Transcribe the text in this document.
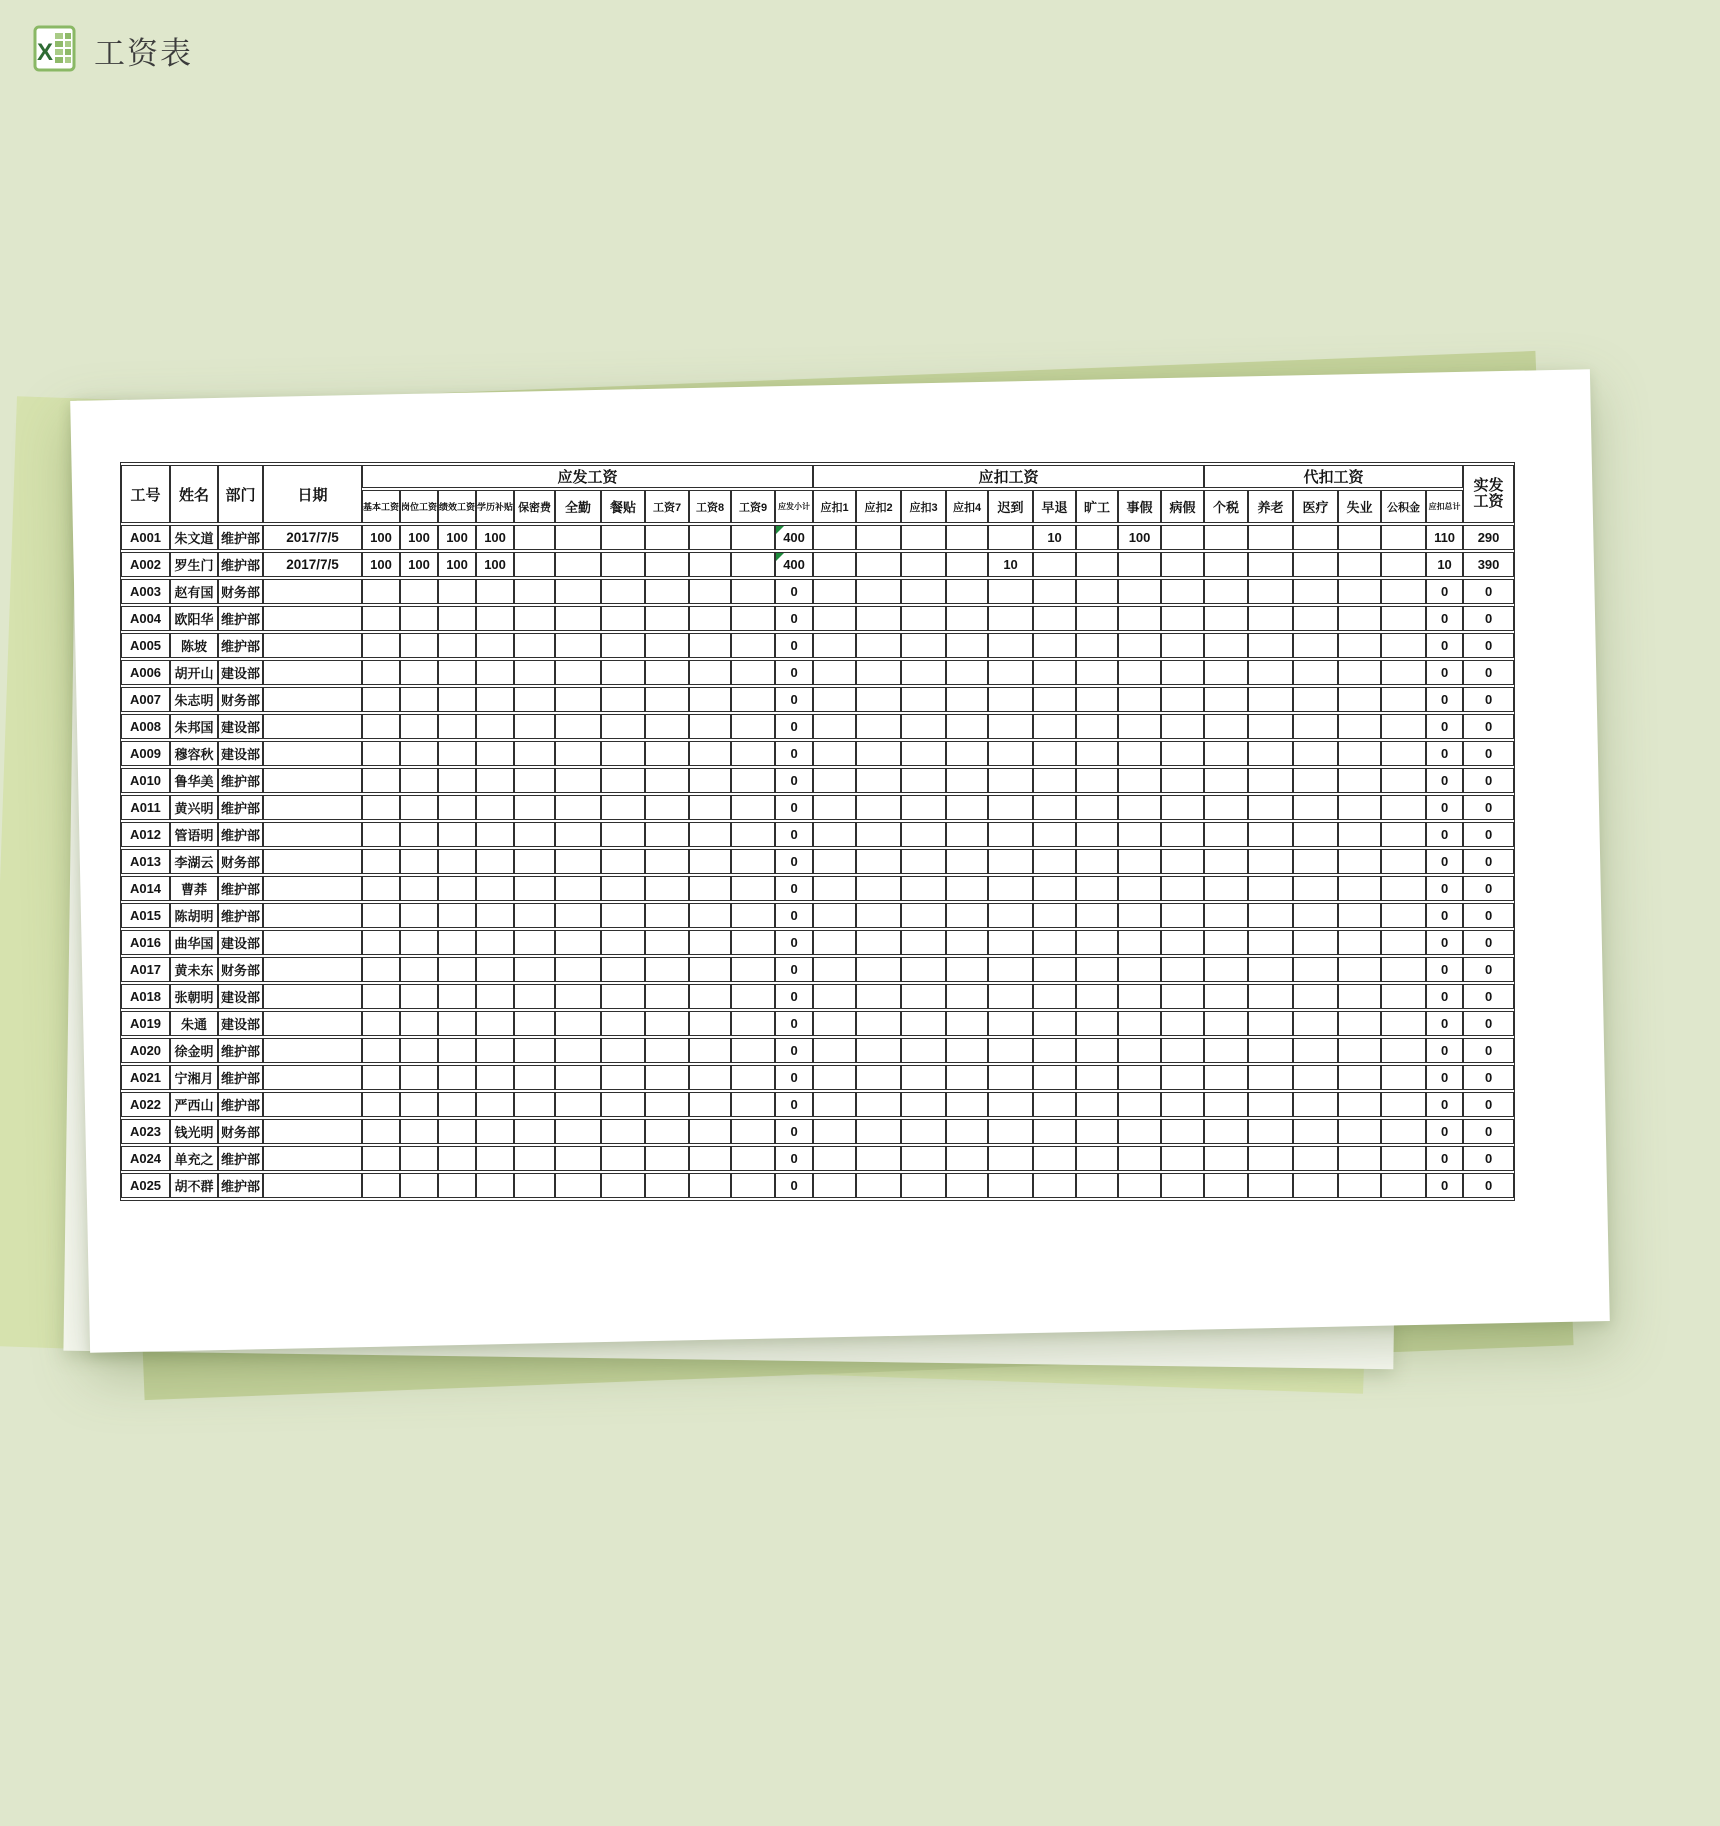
X 工资表
工号	姓名	部门	日期	应发工资											应扣工资									代扣工资						实发
工资

				基本工资	岗位工资	绩效工资	学历补贴	保密费	全勤	餐贴	工资7	工资8	工资9	应发小计	应扣1	应扣2	应扣3	应扣4	迟到	早退	旷工	事假	病假	个税	养老	医疗	失业	公积金	应扣总计	
A001	朱文道	维护部	2017/7/5	100	100	100	100							400						10		100							110	290
A002	罗生门	维护部	2017/7/5	100	100	100	100							400					10										10	390
A003	赵有国	财务部												0															0	0
A004	欧阳华	维护部												0															0	0
A005	陈坡	维护部												0															0	0
A006	胡开山	建设部												0															0	0
A007	朱志明	财务部												0															0	0
A008	朱邦国	建设部												0															0	0
A009	穆容秋	建设部												0															0	0
A010	鲁华美	维护部												0															0	0
A011	黄兴明	维护部												0															0	0
A012	管语明	维护部												0															0	0
A013	李湖云	财务部												0															0	0
A014	曹莽	维护部												0															0	0
A015	陈胡明	维护部												0															0	0
A016	曲华国	建设部												0															0	0
A017	黄未东	财务部												0															0	0
A018	张朝明	建设部												0															0	0
A019	朱通	建设部												0															0	0
A020	徐金明	维护部												0															0	0
A021	宁湘月	维护部												0															0	0
A022	严西山	维护部												0															0	0
A023	钱光明	财务部												0															0	0
A024	单充之	维护部												0															0	0
A025	胡不群	维护部												0															0	0
